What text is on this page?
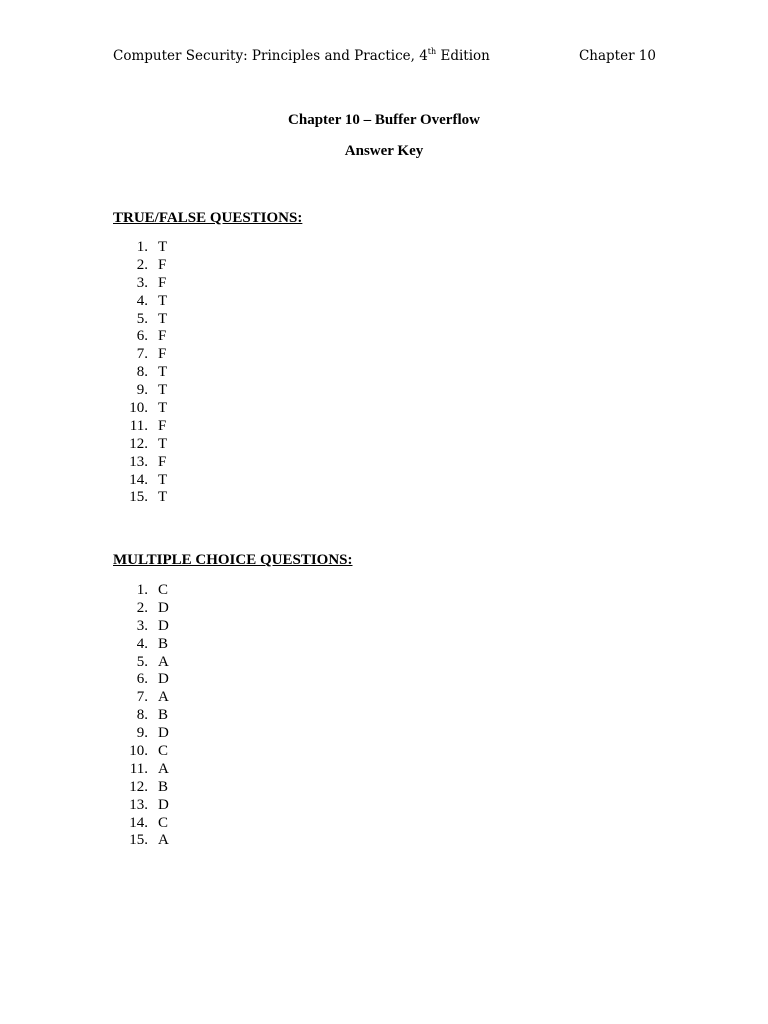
Computer Security: Principles and Practice, 4th Edition	Chapter 10
Chapter 10 – Buffer Overflow
Answer Key
TRUE/FALSE QUESTIONS:
1. T
2. F
3. F
4. T
5. T
6. F
7. F
8. T
9. T
10. T
11. F
12. T
13. F
14. T
15. T
MULTIPLE CHOICE QUESTIONS:
1. C
2. D
3. D
4. B
5. A
6. D
7. A
8. B
9. D
10. C
11. A
12. B
13. D
14. C
15. A
